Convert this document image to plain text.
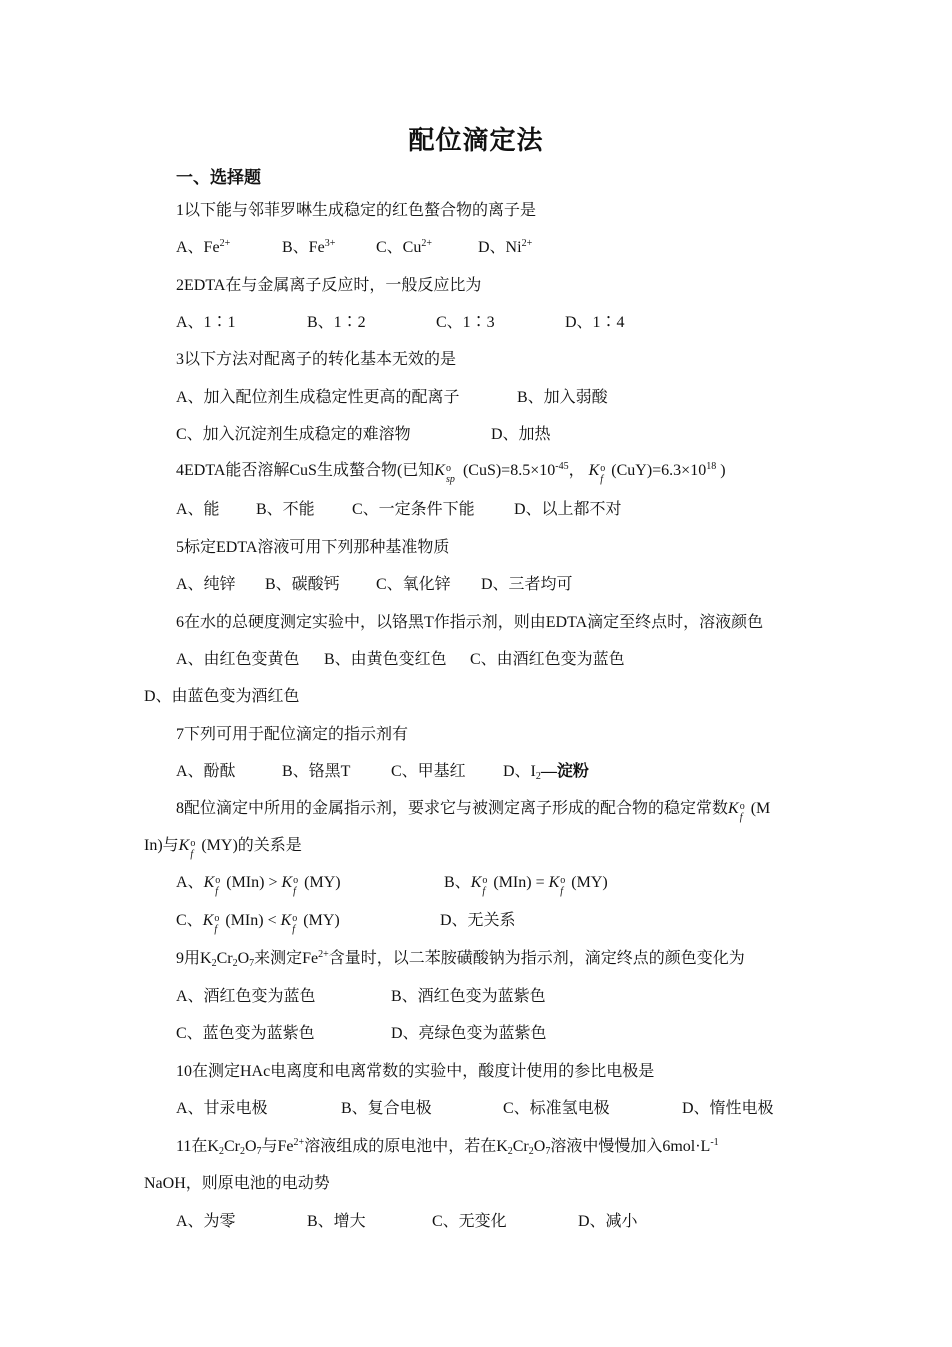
配位滴定法
一、选择题
1以下能与邻菲罗啉生成稳定的红色螯合物的离子是
A、$Fe^{2+}$	B、$Fe^{3+}$	C、$Cu^{2+}$	D、$Ni^{2+}$
2EDTA在与金属离子反应时，一般反应比为
A、1∶1	B、1∶2	C、1∶3	D、1∶4
3以下方法对配离子的转化基本无效的是
A、加入配位剂生成稳定性更高的配离子	B、加入弱酸
C、加入沉淀剂生成稳定的难溶物	D、加热
4EDTA能否溶解CuS生成螯合物(已知K o
sp
$(CuS)=8.5\times 10^{-45}$， K o
f
$(CuY)=6.3\times 10^{18}$ )
A、能 B、不能 C、一定条件下能 D、以上都不对
5标定EDTA溶液可用下列那种基准物质
A、纯锌 B、碳酸钙 C、氧化锌 D、三者均可
6在水的总硬度测定实验中，以铬黑T作指示剂，则由EDTA滴定至终点时，溶液颜色
A、由红色变黄色 B、由黄色变红色 C、由酒红色变为蓝色
D、由蓝色变为酒红色
7下列可用于配位滴定的指示剂有
A、酚酞	B、铬黑T	C、甲基红 D、$I_2—$淀粉
8配位滴定中所用的金属指示剂，要求它与被测定离子形成的配合物的稳定常数K o
f
(M
In)与K o
f
(MY)的关系是
A、K o
f
(MIn) > K o
f
(MY)	B、K o
f
(MIn) = K o
f
(MY)
C、K o
f
(MIn) < K o
f
(MY)	D、无关系
9用$K_2Cr_2O_7$来测定$Fe^{2+}$含量时，以二苯胺磺酸钠为指示剂，滴定终点的颜色变化为
A、酒红色变为蓝色	B、酒红色变为蓝紫色
C、蓝色变为蓝紫色	D、亮绿色变为蓝紫色
10在测定HAc电离度和电离常数的实验中，酸度计使用的参比电极是
A、甘汞电极	B、复合电极	C、标准氢电极	D、惰性电极
11在$K_2Cr_2O_7$与$Fe^{2+}$溶液组成的原电池中，若在$K_2Cr_2O_7$溶液中慢慢加入$6mol\cdot L^{-1}$
NaOH，则原电池的电动势
A、为零	B、增大	C、无变化	D、减小
